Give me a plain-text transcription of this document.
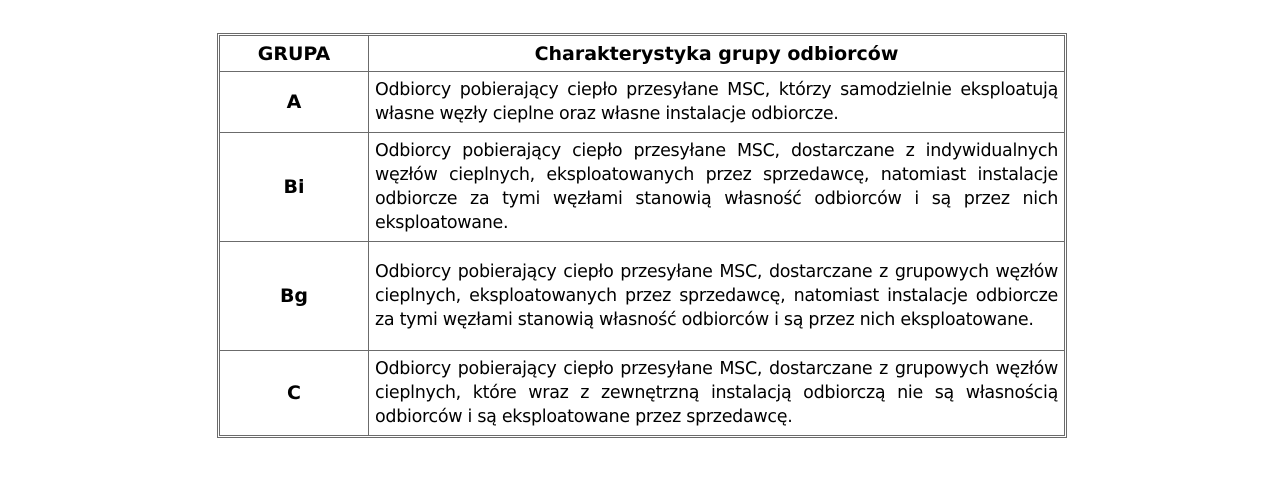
GRUPA	Charakterystyka grupy odbiorców
A	Odbiorcy pobierający ciepło przesyłane MSC, którzy samodzielnie eksploatują własne węzły cieplne oraz własne instalacje odbiorcze.
Bi	Odbiorcy pobierający ciepło przesyłane MSC, dostarczane z indywidualnych węzłów cieplnych, eksploatowanych przez sprzedawcę, natomiast instalacje odbiorcze za tymi węzłami stanowią własność odbiorców i są przez nich eksploatowane.
Bg	Odbiorcy pobierający ciepło przesyłane MSC, dostarczane z grupowych węzłów cieplnych, eksploatowanych przez sprzedawcę, natomiast instalacje odbiorcze za tymi węzłami stanowią własność odbiorców i są przez nich eksploatowane.
C	Odbiorcy pobierający ciepło przesyłane MSC, dostarczane z grupowych węzłów cieplnych, które wraz z zewnętrzną instalacją odbiorczą nie są własnością odbiorców i są eksploatowane przez sprzedawcę.
